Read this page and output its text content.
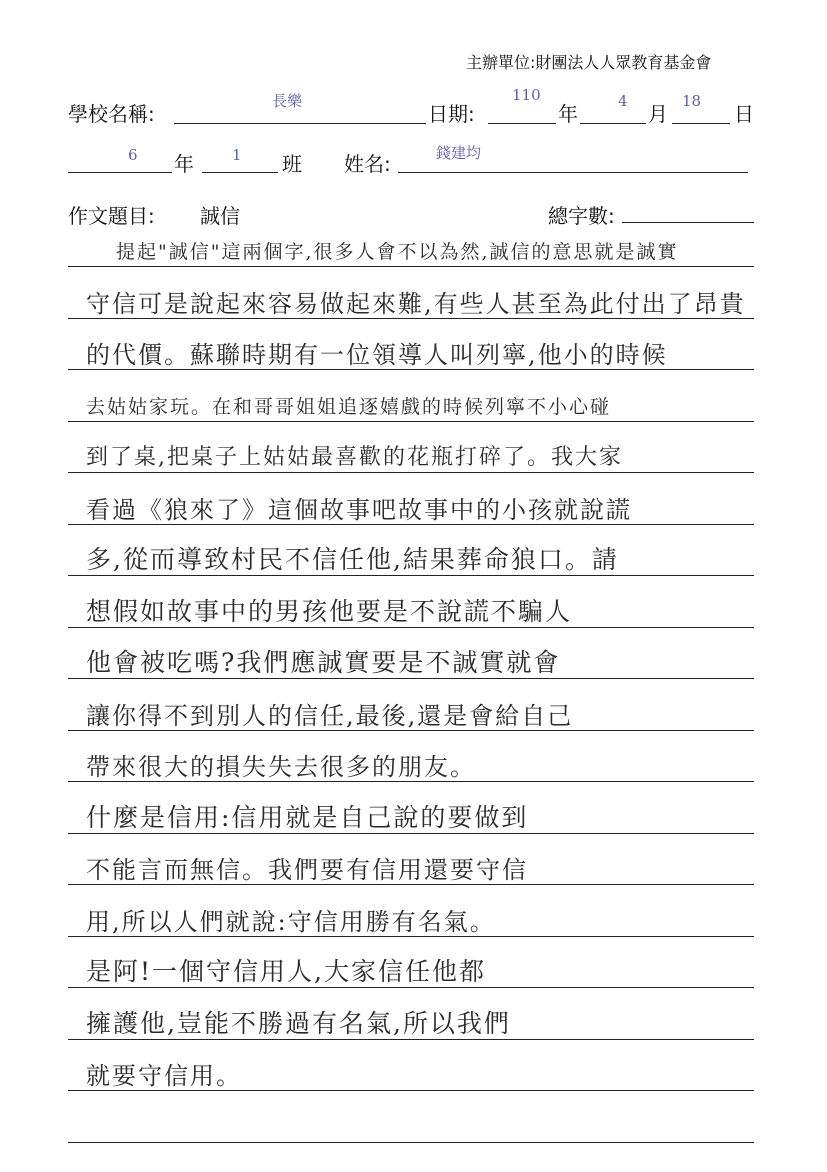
主辦單位:財團法人人眾教育基金會
學校名稱:
長樂
日期:
110
年
4
月
18
日
6 年	1 班 姓名:	錢建均
作文題目: 誠信	總字數:
提起"誠信"這兩個字,很多人會不以為然,誠信的意思就是誠實
守信可是說起來容易做起來難,有些人甚至為此付出了昂貴
的代價。蘇聯時期有一位領導人叫列寧,他小的時候
去姑姑家玩。在和哥哥姐姐追逐嬉戲的時候列寧不小心碰
到了桌,把桌子上姑姑最喜歡的花瓶打碎了。我大家
看過《狼來了》這個故事吧故事中的小孩就說謊
多,從而導致村民不信任他,結果葬命狼口。請
想假如故事中的男孩他要是不說謊不騙人
他會被吃嗎?我們應誠實要是不誠實就會
讓你得不到別人的信任,最後,還是會給自己
帶來很大的損失失去很多的朋友。
什麼是信用:信用就是自己說的要做到
不能言而無信。我們要有信用還要守信
用,所以人們就說:守信用勝有名氣。
是阿!一個守信用人,大家信任他都
擁護他,豈能不勝過有名氣,所以我們
就要守信用。
